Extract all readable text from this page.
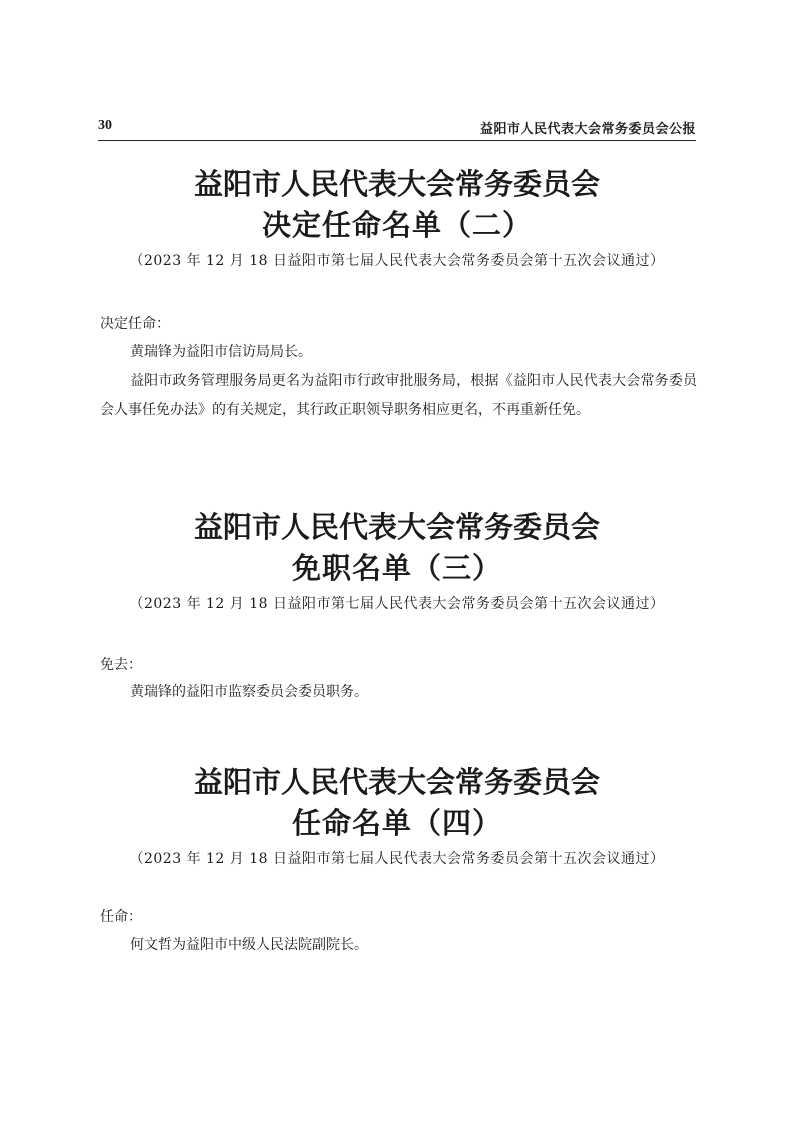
30	益阳市人民代表大会常务委员会公报
益阳市人民代表大会常务委员会
决定任命名单（二）

（2023 年 12 月 18 日益阳市第七届人民代表大会常务委员会第十五次会议通过）

决定任命：

黄瑞锋为益阳市信访局局长。

益阳市政务管理服务局更名为益阳市行政审批服务局，根据《益阳市人民代表大会常务委员会人事任免办法》的有关规定，其行政正职领导职务相应更名，不再重新任免。

益阳市人民代表大会常务委员会
免职名单（三）

（2023 年 12 月 18 日益阳市第七届人民代表大会常务委员会第十五次会议通过）

免去：

黄瑞锋的益阳市监察委员会委员职务。

益阳市人民代表大会常务委员会
任命名单（四）

（2023 年 12 月 18 日益阳市第七届人民代表大会常务委员会第十五次会议通过）

任命：

何文哲为益阳市中级人民法院副院长。
